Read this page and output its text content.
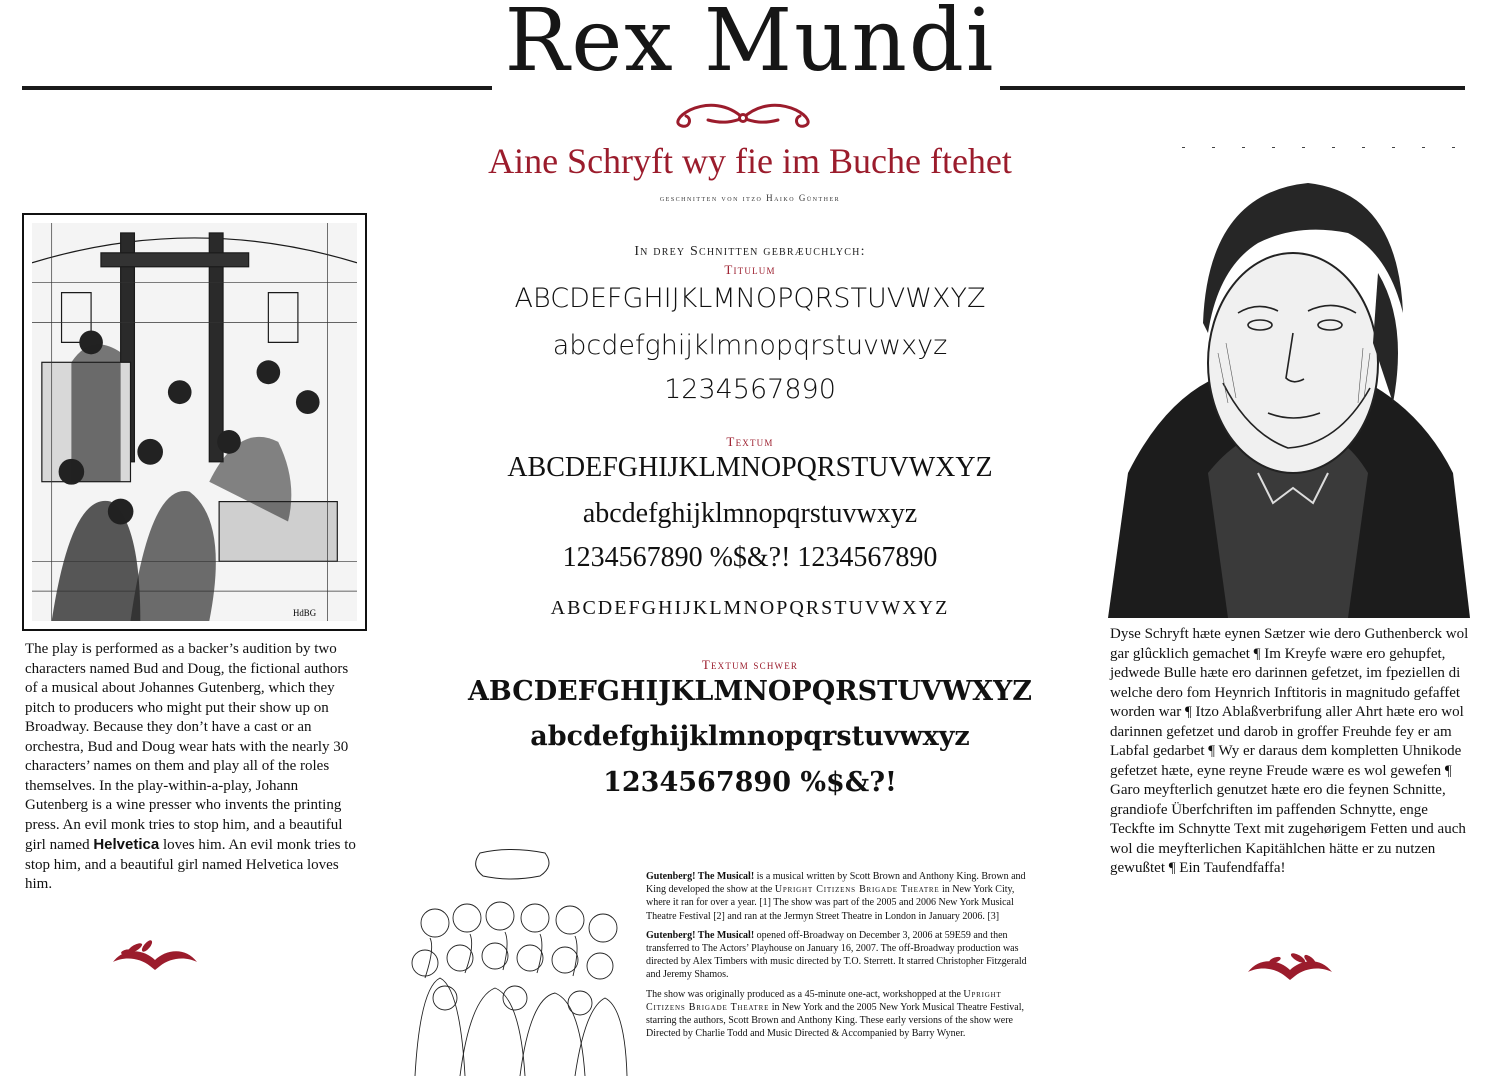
Rex Mundi
Aine Schryft wy fie im Buche ftehet
geschnitten von itzo Haiko Günther
In drey Schnitten gebræuchlych:
Titulum
ABCDEFGHIJKLMNOPQRSTUVWXYZ
abcdefghijklmnopqrstuvwxyz
1234567890
Textum
ABCDEFGHIJKLMNOPQRSTUVWXYZ
abcdefghijklmnopqrstuvwxyz
1234567890 %$&?! 1234567890
ABCDEFGHIJKLMNOPQRSTUVWXYZ
Textum schwer
ABCDEFGHIJKLMNOPQRSTUVWXYZ
abcdefghijklmnopqrstuvwxyz
1234567890 %$&?!
HdBG
The play is performed as a backer’s audition by two characters named Bud and Doug, the fictional authors of a musical about Johannes Gutenberg, which they pitch to producers who might put their show up on Broadway. Because they don’t have a cast or an orchestra, Bud and Doug wear hats with the nearly 30 characters’ names on them and play all of the roles themselves. In the play-within-a-play, Johann Gutenberg is a wine presser who invents the printing press. An evil monk tries to stop him, and a beautiful girl named Helvetica loves him. An evil monk tries to stop him, and a beautiful girl named Helvetica loves him.	Gutenberg! The Musical! is a musical written by Scott Brown and Anthony King. Brown and King developed the show at the Upright Citizens Brigade Theatre in New York City, where it ran for over a year. [1] The show was part of the 2005 and 2006 New York Musical Theatre Festival [2] and ran at the Jermyn Street Theatre in London in January 2006. [3]

Gutenberg! The Musical! opened off-Broadway on December 3, 2006 at 59E59 and then transferred to The Actors’ Playhouse on January 16, 2007. The off-Broadway production was directed by Alex Timbers with music directed by T.O. Sterrett. It starred Christopher Fitzgerald and Jeremy Shamos.

The show was originally produced as a 45-minute one-act, workshopped at the Upright Citizens Brigade Theatre in New York and the 2005 New York Musical Theatre Festival, starring the authors, Scott Brown and Anthony King. These early versions of the show were Directed by Charlie Todd and Music Directed & Accompanied by Barry Wyner.

Dyse Schryft hæte eynen Sætzer wie dero Guthenberck wol gar glûcklich gemachet ¶ Im Kreyfe wære ero gehupfet, jedwede Bulle hæte ero darinnen gefetzet, im fpeziellen di welche dero fom Heynrich Inftitoris in magnitudo gefaffet worden war ¶ Itzo Ablaßverbrifung aller Ahrt hæte ero wol darinnen gefetzet und darob in groffer Freuhde fey er am Labfal gedarbet ¶ Wy er daraus dem kompletten Uhnikode gefetzet hæte, eyne reyne Freude wære es wol gewefen ¶ Garo meyfterlich genutzet hæte ero die feynen Schnitte, grandiofe Überfchriften im paffenden Schnytte, enge Teckfte im Schnytte Text mit zugehørigem Fetten und auch wol die meyfterlichen Kapitählchen hätte er zu nutzen gewußtet ¶ Ein Taufendfaffa!
